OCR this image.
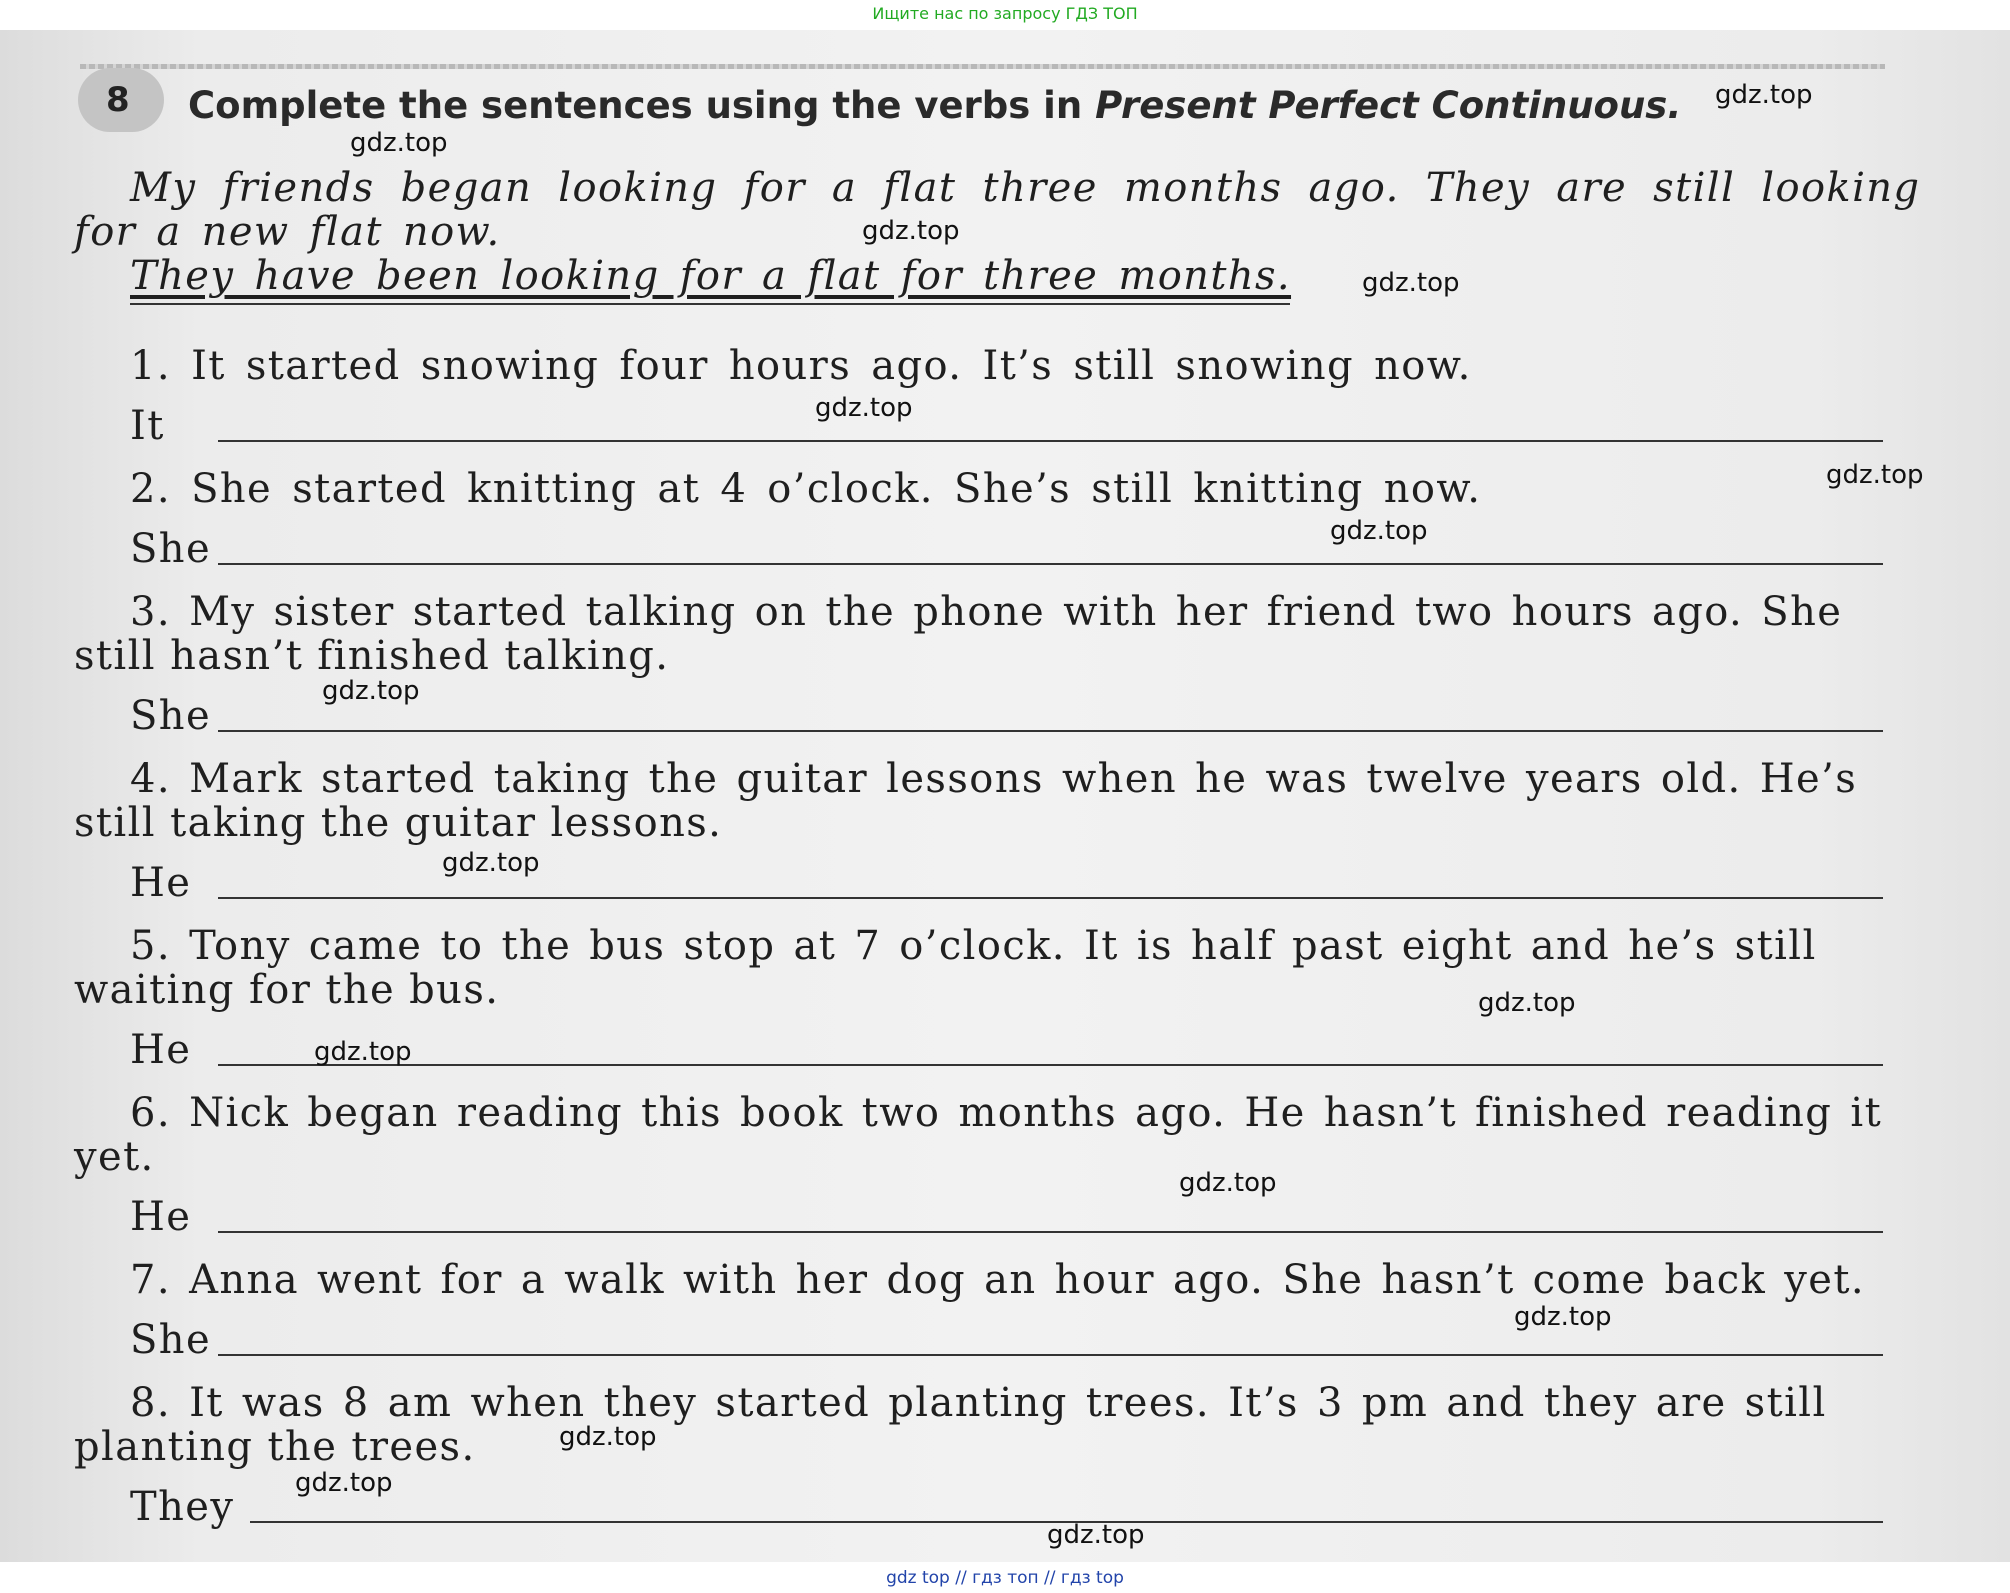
Ищите нас по запросу ГДЗ ТОП
gdz top // гдз топ // гдз top
8	Complete the sentences using the verbs in Present Perfect Continuous.
My friends began looking for a flat three months ago. They are still looking
for a new flat now.
They have been looking for a flat for three months.
1. It started snowing four hours ago. It’s still snowing now.
It
2. She started knitting at 4 o’clock. She’s still knitting now.
She
3. My sister started talking on the phone with her friend two hours ago. She
still hasn’t finished talking.
She
4. Mark started taking the guitar lessons when he was twelve years old. He’s
still taking the guitar lessons.
He
5. Tony came to the bus stop at 7 o’clock. It is half past eight and he’s still
waiting for the bus.
He
6. Nick began reading this book two months ago. He hasn’t finished reading it
yet.
He
7. Anna went for a walk with her dog an hour ago. She hasn’t come back yet.
She
8. It was 8 am when they started planting trees. It’s 3 pm and they are still
planting the trees.
They
gdz.top
gdz.top
gdz.top
gdz.top
gdz.top
gdz.top
gdz.top
gdz.top
gdz.top
gdz.top
gdz.top
gdz.top
gdz.top
gdz.top
gdz.top
gdz.top
